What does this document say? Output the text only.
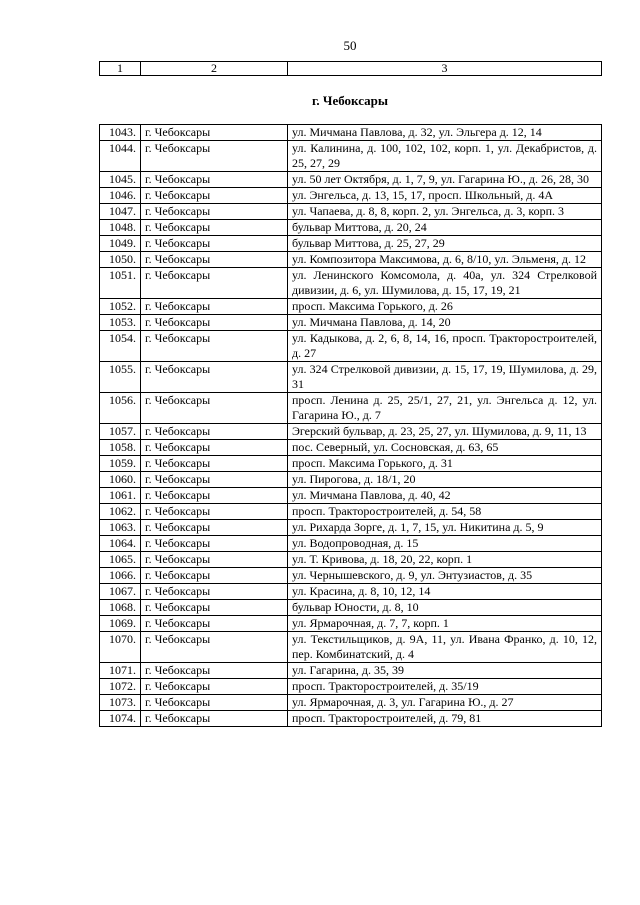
50
1	2	3
г. Чебоксары
1043.	г. Чебоксары	ул. Мичмана Павлова, д. 32, ул. Эльгера д. 12, 14
1044.	г. Чебоксары	ул. Калинина, д. 100, 102, 102, корп. 1, ул. Декабристов, д. 25, 27, 29
1045.	г. Чебоксары	ул. 50 лет Октября, д. 1, 7, 9, ул. Гагарина Ю., д. 26, 28, 30
1046.	г. Чебоксары	ул. Энгельса, д. 13, 15, 17, просп. Школьный, д. 4А
1047.	г. Чебоксары	ул. Чапаева, д. 8, 8, корп. 2, ул. Энгельса, д. 3, корп. 3
1048.	г. Чебоксары	бульвар Миттова, д. 20, 24
1049.	г. Чебоксары	бульвар Миттова, д. 25, 27, 29
1050.	г. Чебоксары	ул. Композитора Максимова, д. 6, 8/10, ул. Эльменя, д. 12
1051.	г. Чебоксары	ул. Ленинского Комсомола, д. 40а, ул. 324 Стрелковой дивизии, д. 6, ул. Шумилова, д. 15, 17, 19, 21
1052.	г. Чебоксары	просп. Максима Горького, д. 26
1053.	г. Чебоксары	ул. Мичмана Павлова, д. 14, 20
1054.	г. Чебоксары	ул. Кадыкова, д. 2, 6, 8, 14, 16, просп. Тракторостроителей, д. 27
1055.	г. Чебоксары	ул. 324 Стрелковой дивизии, д. 15, 17, 19, Шумилова, д. 29, 31
1056.	г. Чебоксары	просп. Ленина д. 25, 25/1, 27, 21, ул. Энгельса д. 12, ул. Гагарина Ю., д. 7
1057.	г. Чебоксары	Эгерский бульвар, д. 23, 25, 27, ул. Шумилова, д. 9, 11, 13
1058.	г. Чебоксары	пос. Северный, ул. Сосновская, д. 63, 65
1059.	г. Чебоксары	просп. Максима Горького, д. 31
1060.	г. Чебоксары	ул. Пирогова, д. 18/1, 20
1061.	г. Чебоксары	ул. Мичмана Павлова, д. 40, 42
1062.	г. Чебоксары	просп. Тракторостроителей, д. 54, 58
1063.	г. Чебоксары	ул. Рихарда Зорге, д. 1, 7, 15, ул. Никитина д. 5, 9
1064.	г. Чебоксары	ул. Водопроводная, д. 15
1065.	г. Чебоксары	ул. Т. Кривова, д. 18, 20, 22, корп. 1
1066.	г. Чебоксары	ул. Чернышевского, д. 9, ул. Энтузиастов, д. 35
1067.	г. Чебоксары	ул. Красина, д. 8, 10, 12, 14
1068.	г. Чебоксары	бульвар Юности, д. 8, 10
1069.	г. Чебоксары	ул. Ярмарочная, д. 7, 7, корп. 1
1070.	г. Чебоксары	ул. Текстильщиков, д. 9А, 11, ул. Ивана Франко, д. 10, 12, пер. Комбинатский, д. 4
1071.	г. Чебоксары	ул. Гагарина, д. 35, 39
1072.	г. Чебоксары	просп. Тракторостроителей, д. 35/19
1073.	г. Чебоксары	ул. Ярмарочная, д. 3, ул. Гагарина Ю., д. 27
1074.	г. Чебоксары	просп. Тракторостроителей, д. 79, 81
